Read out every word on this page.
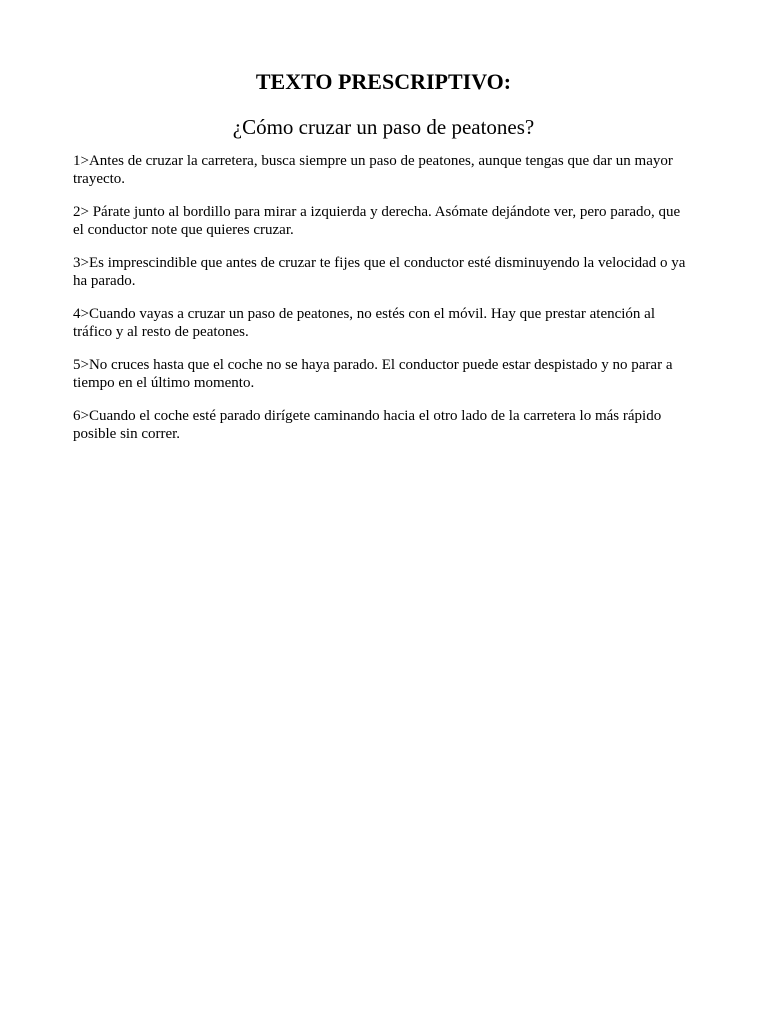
TEXTO PRESCRIPTIVO:
¿Cómo cruzar un paso de peatones?

1>Antes de cruzar la carretera, busca siempre un paso de peatones, aunque tengas que dar un mayor trayecto.

2> Párate junto al bordillo para mirar a izquierda y derecha. Asómate dejándote ver, pero parado, que el conductor note que quieres cruzar.

3>Es imprescindible que antes de cruzar te fijes que el conductor esté disminuyendo la velocidad o ya ha parado.

4>Cuando vayas a cruzar un paso de peatones, no estés con el móvil. Hay que prestar atención al tráfico y al resto de peatones.

5>No cruces hasta que el coche no se haya parado. El conductor puede estar despistado y no parar a tiempo en el último momento.

6>Cuando el coche esté parado dirígete caminando hacia el otro lado de la carretera lo más rápido posible sin correr.
